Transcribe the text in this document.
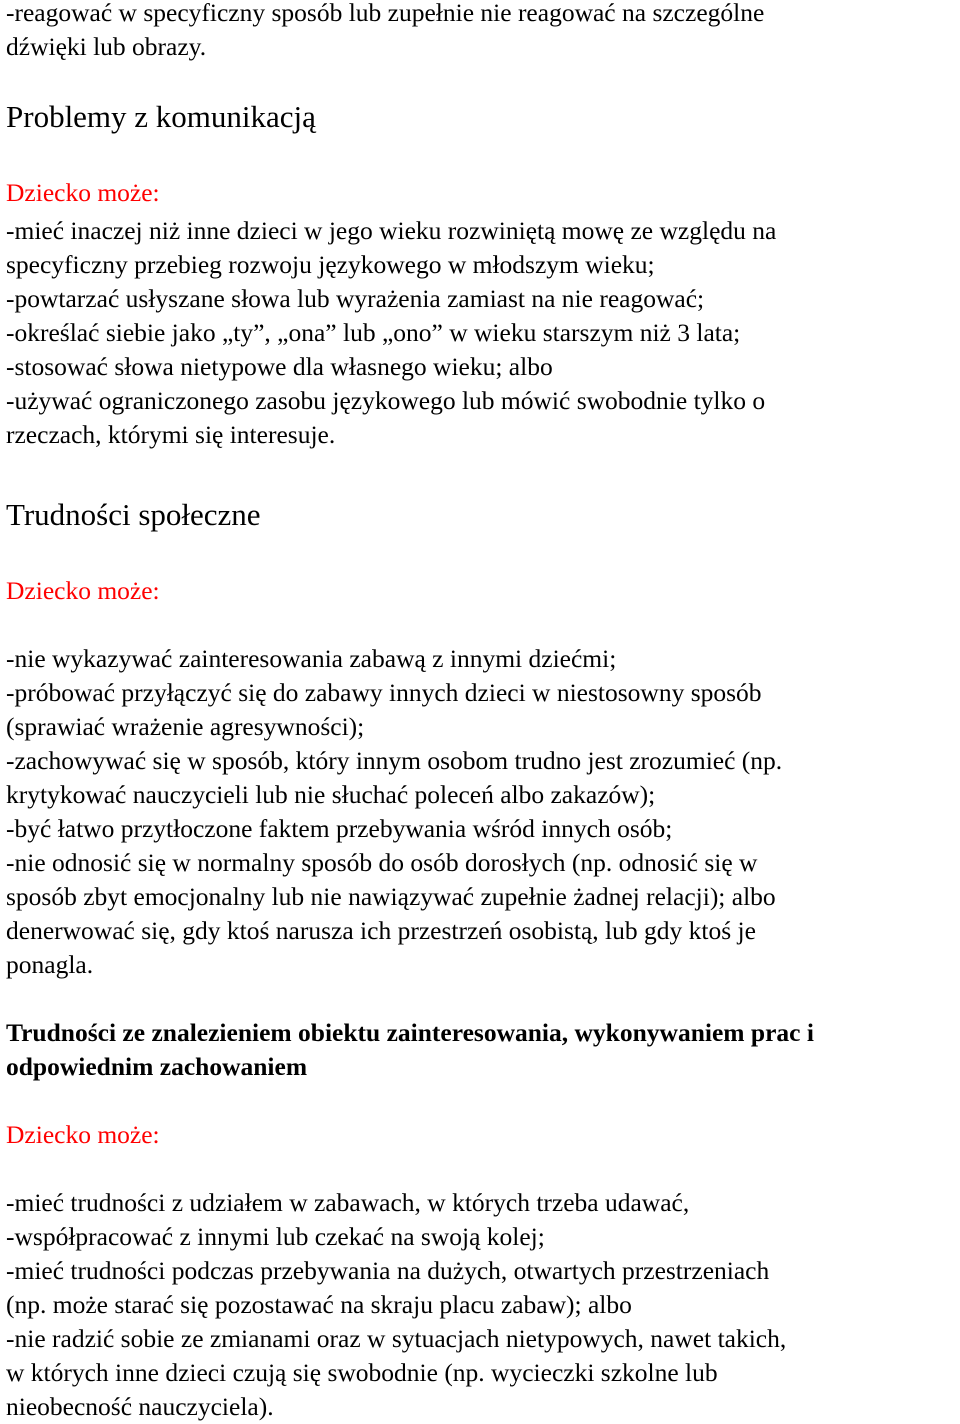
-reagować w specyficzny sposób lub zupełnie nie reagować na szczególne
dźwięki lub obrazy.
Problemy z komunikacją
Dziecko może:
-mieć inaczej niż inne dzieci w jego wieku rozwiniętą mowę ze względu na
specyficzny przebieg rozwoju językowego w młodszym wieku;
-powtarzać usłyszane słowa lub wyrażenia zamiast na nie reagować;
-określać siebie jako „ty”, „ona” lub „ono” w wieku starszym niż 3 lata;
-stosować słowa nietypowe dla własnego wieku; albo
-używać ograniczonego zasobu językowego lub mówić swobodnie tylko o
rzeczach, którymi się interesuje.
Trudności społeczne
Dziecko może:
-nie wykazywać zainteresowania zabawą z innymi dziećmi;
-próbować przyłączyć się do zabawy innych dzieci w niestosowny sposób
(sprawiać wrażenie agresywności);
-zachowywać się w sposób, który innym osobom trudno jest zrozumieć (np.
krytykować nauczycieli lub nie słuchać poleceń albo zakazów);
-być łatwo przytłoczone faktem przebywania wśród innych osób;
-nie odnosić się w normalny sposób do osób dorosłych (np. odnosić się w
sposób zbyt emocjonalny lub nie nawiązywać zupełnie żadnej relacji); albo
denerwować się, gdy ktoś narusza ich przestrzeń osobistą, lub gdy ktoś je
ponagla.
Trudności ze znalezieniem obiektu zainteresowania, wykonywaniem prac i
odpowiednim zachowaniem
Dziecko może:
-mieć trudności z udziałem w zabawach, w których trzeba udawać,
-współpracować z innymi lub czekać na swoją kolej;
-mieć trudności podczas przebywania na dużych, otwartych przestrzeniach
(np. może starać się pozostawać na skraju placu zabaw); albo
-nie radzić sobie ze zmianami oraz w sytuacjach nietypowych, nawet takich,
w których inne dzieci czują się swobodnie (np. wycieczki szkolne lub
nieobecność nauczyciela).
